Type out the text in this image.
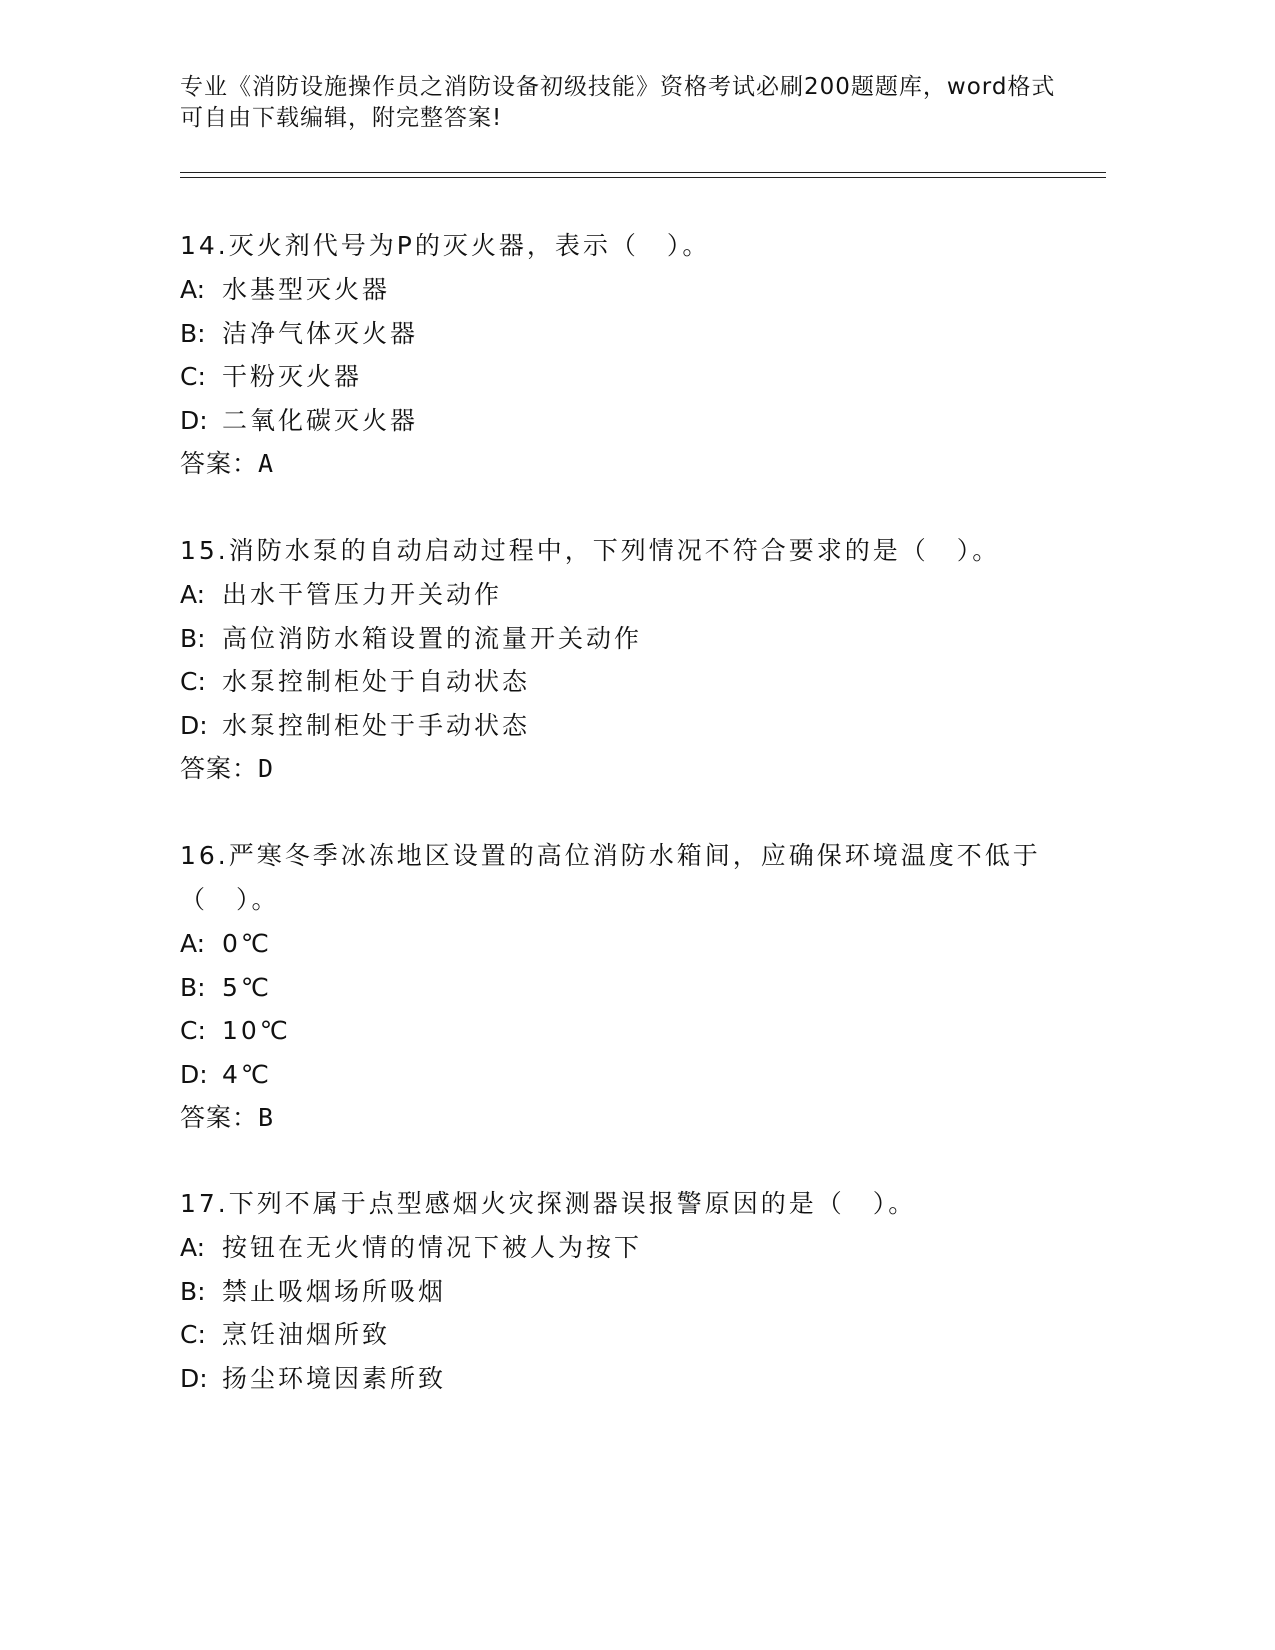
专业《消防设施操作员之消防设备初级技能》资格考试必刷200题题库，word格式可自由下载编辑，附完整答案!

14.灭火剂代号为P的灭火器，表示（　）。

A: 水基型灭火器

B: 洁净气体灭火器

C: 干粉灭火器

D: 二氧化碳灭火器

答案：A

15.消防水泵的自动启动过程中，下列情况不符合要求的是（　）。

A: 出水干管压力开关动作

B: 高位消防水箱设置的流量开关动作

C: 水泵控制柜处于自动状态

D: 水泵控制柜处于手动状态

答案：D

16.严寒冬季冰冻地区设置的高位消防水箱间，应确保环境温度不低于（　）。

A: 0℃

B: 5℃

C: 10℃

D: 4℃

答案：B

17.下列不属于点型感烟火灾探测器误报警原因的是（　）。

A: 按钮在无火情的情况下被人为按下

B: 禁止吸烟场所吸烟

C: 烹饪油烟所致

D: 扬尘环境因素所致
